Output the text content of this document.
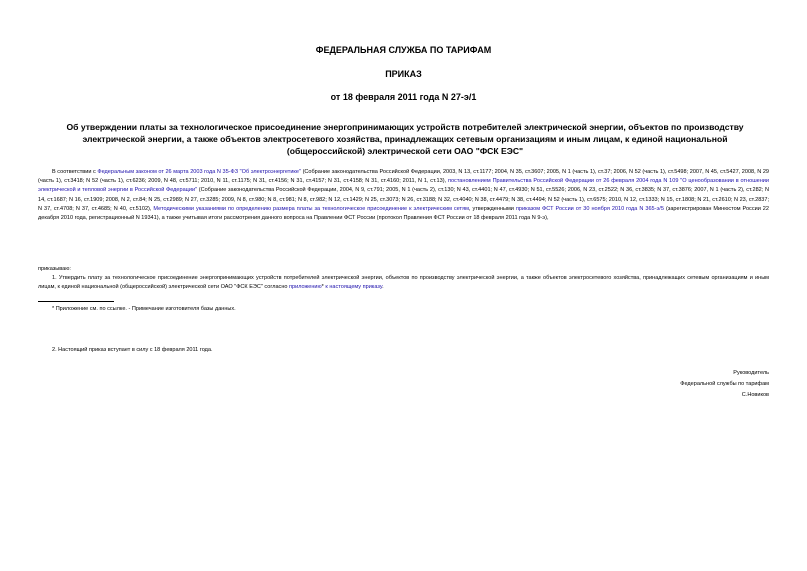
ФЕДЕРАЛЬНАЯ СЛУЖБА ПО ТАРИФАМ
ПРИКАЗ
от 18 февраля 2011 года N 27-э/1
Об утверждении платы за технологическое присоединение энергопринимающих устройств потребителей электрической энергии, объектов по производству электрической энергии, а также объектов электросетевого хозяйства, принадлежащих сетевым организациям и иным лицам, к единой национальной (общероссийской) электрической сети ОАО "ФСК ЕЭС"
В соответствии с Федеральным законом от 26 марта 2003 года N 35-ФЗ "Об электроэнергетике" (Собрание законодательства Российской Федерации, 2003, N 13, ст.1177; 2004, N 35, ст.3607; 2005, N 1 (часть 1), ст.37; 2006, N 52 (часть 1), ст.5498; 2007, N 45, ст.5427, 2008, N 29 (часть 1), ст.3418; N 52 (часть 1), ст.6236; 2009, N 48, ст.5711; 2010, N 11, ст.1175; N 31, ст.4156; N 31, ст.4157; N 31, ст.4158; N 31, ст.4160; 2011, N 1, ст.13), постановлением Правительства Российской Федерации от 26 февраля 2004 года N 109 "О ценообразовании в отношении электрической и тепловой энергии в Российской Федерации" (Собрание законодательства Российской Федерации, 2004, N 9, ст.791; 2005, N 1 (часть 2), ст.130; N 43, ст.4401; N 47, ст.4930; N 51, ст.5526; 2006, N 23, ст.2522; N 36, ст.3835; N 37, ст.3876; 2007, N 1 (часть 2), ст.282; N 14, ст.1687; N 16, ст.1909; 2008, N 2, ст.84; N 25, ст.2989; N 27, ст.3285; 2009, N 8, ст.980; N 8, ст.981; N 8, ст.982; N 12, ст.1429; N 25, ст.3073; N 26, ст.3188; N 32, ст.4040; N 38, ст.4479; N 38, ст.4494; N 52 (часть 1), ст.6575; 2010, N 12, ст.1333; N 15, ст.1808; N 21, ст.2610; N 23, ст.2837; N 37, ст.4708; N 37, ст.4685; N 40, ст.5102), Методическими указаниями по определению размера платы за технологическое присоединение к электрическим сетям, утвержденными приказом ФСТ России от 30 ноября 2010 года N 365-э/5 (зарегистрирован Минюстом России 22 декабря 2010 года, регистрационный N 19341), а также учитывая итоги рассмотрения данного вопроса на Правлении ФСТ России (протокол Правления ФСТ России от 18 февраля 2011 года N 9-э),
приказываю:
1. Утвердить плату за технологическое присоединение энергопринимающих устройств потребителей электрической энергии, объектов по производству электрической энергии, а также объектов электросетевого хозяйства, принадлежащих сетевым организациям и иным лицам, к единой национальной (общероссийской) электрической сети ОАО "ФСК ЕЭС" согласно приложению* к настоящему приказу.
* Приложение см. по ссылке. - Примечание изготовителя базы данных.
2. Настоящий приказ вступает в силу с 18 февраля 2011 года.
Руководитель
Федеральной службы по тарифам
С.Новиков
